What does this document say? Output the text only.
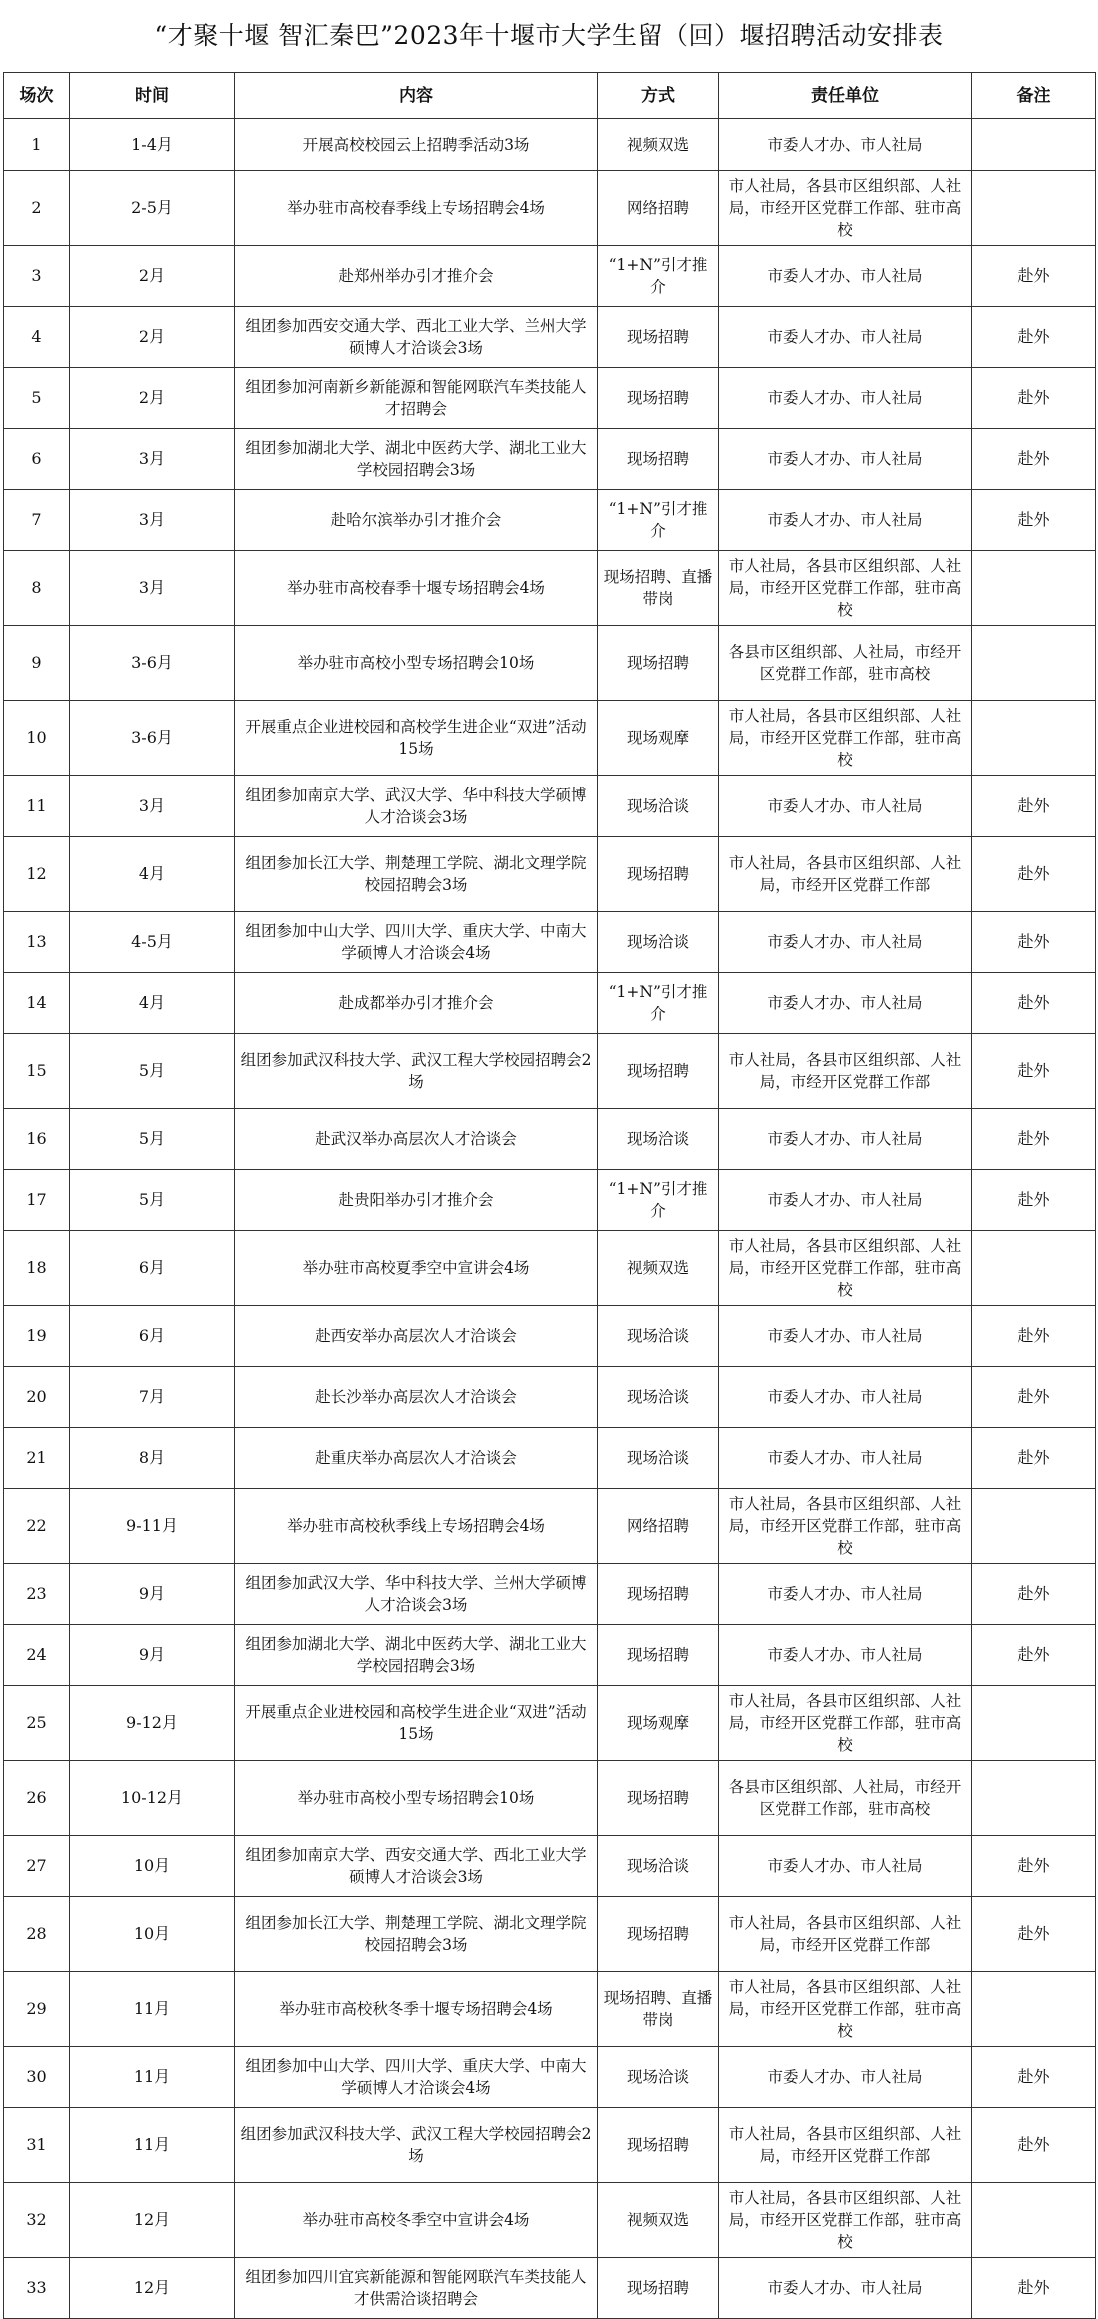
“才聚十堰 智汇秦巴”2023年十堰市大学生留（回）堰招聘活动安排表
场次	时间	内容	方式	责任单位	备注
1	1-4月	开展高校校园云上招聘季活动3场	视频双选	市委人才办、市人社局	
2	2-5月	举办驻市高校春季线上专场招聘会4场	网络招聘	市人社局，各县市区组织部、人社局，市经开区党群工作部、驻市高校	
3	2月	赴郑州举办引才推介会	“1+N”引才推介	市委人才办、市人社局	赴外
4	2月	组团参加西安交通大学、西北工业大学、兰州大学硕博人才洽谈会3场	现场招聘	市委人才办、市人社局	赴外
5	2月	组团参加河南新乡新能源和智能网联汽车类技能人才招聘会	现场招聘	市委人才办、市人社局	赴外
6	3月	组团参加湖北大学、湖北中医药大学、湖北工业大学校园招聘会3场	现场招聘	市委人才办、市人社局	赴外
7	3月	赴哈尔滨举办引才推介会	“1+N”引才推介	市委人才办、市人社局	赴外
8	3月	举办驻市高校春季十堰专场招聘会4场	现场招聘、直播带岗	市人社局，各县市区组织部、人社局，市经开区党群工作部，驻市高校	
9	3-6月	举办驻市高校小型专场招聘会10场	现场招聘	各县市区组织部、人社局，市经开区党群工作部，驻市高校	
10	3-6月	开展重点企业进校园和高校学生进企业“双进”活动15场	现场观摩	市人社局，各县市区组织部、人社局，市经开区党群工作部，驻市高校	
11	3月	组团参加南京大学、武汉大学、华中科技大学硕博人才洽谈会3场	现场洽谈	市委人才办、市人社局	赴外
12	4月	组团参加长江大学、荆楚理工学院、湖北文理学院校园招聘会3场	现场招聘	市人社局，各县市区组织部、人社局，市经开区党群工作部	赴外
13	4-5月	组团参加中山大学、四川大学、重庆大学、中南大学硕博人才洽谈会4场	现场洽谈	市委人才办、市人社局	赴外
14	4月	赴成都举办引才推介会	“1+N”引才推介	市委人才办、市人社局	赴外
15	5月	组团参加武汉科技大学、武汉工程大学校园招聘会2场	现场招聘	市人社局，各县市区组织部、人社局，市经开区党群工作部	赴外
16	5月	赴武汉举办高层次人才洽谈会	现场洽谈	市委人才办、市人社局	赴外
17	5月	赴贵阳举办引才推介会	“1+N”引才推介	市委人才办、市人社局	赴外
18	6月	举办驻市高校夏季空中宣讲会4场	视频双选	市人社局，各县市区组织部、人社局，市经开区党群工作部，驻市高校	
19	6月	赴西安举办高层次人才洽谈会	现场洽谈	市委人才办、市人社局	赴外
20	7月	赴长沙举办高层次人才洽谈会	现场洽谈	市委人才办、市人社局	赴外
21	8月	赴重庆举办高层次人才洽谈会	现场洽谈	市委人才办、市人社局	赴外
22	9-11月	举办驻市高校秋季线上专场招聘会4场	网络招聘	市人社局，各县市区组织部、人社局，市经开区党群工作部，驻市高校	
23	9月	组团参加武汉大学、华中科技大学、兰州大学硕博人才洽谈会3场	现场招聘	市委人才办、市人社局	赴外
24	9月	组团参加湖北大学、湖北中医药大学、湖北工业大学校园招聘会3场	现场招聘	市委人才办、市人社局	赴外
25	9-12月	开展重点企业进校园和高校学生进企业“双进”活动15场	现场观摩	市人社局，各县市区组织部、人社局，市经开区党群工作部，驻市高校	
26	10-12月	举办驻市高校小型专场招聘会10场	现场招聘	各县市区组织部、人社局，市经开区党群工作部，驻市高校	
27	10月	组团参加南京大学、西安交通大学、西北工业大学硕博人才洽谈会3场	现场洽谈	市委人才办、市人社局	赴外
28	10月	组团参加长江大学、荆楚理工学院、湖北文理学院校园招聘会3场	现场招聘	市人社局，各县市区组织部、人社局，市经开区党群工作部	赴外
29	11月	举办驻市高校秋冬季十堰专场招聘会4场	现场招聘、直播带岗	市人社局，各县市区组织部、人社局，市经开区党群工作部，驻市高校	
30	11月	组团参加中山大学、四川大学、重庆大学、中南大学硕博人才洽谈会4场	现场洽谈	市委人才办、市人社局	赴外
31	11月	组团参加武汉科技大学、武汉工程大学校园招聘会2场	现场招聘	市人社局，各县市区组织部、人社局，市经开区党群工作部	赴外
32	12月	举办驻市高校冬季空中宣讲会4场	视频双选	市人社局，各县市区组织部、人社局，市经开区党群工作部，驻市高校	
33	12月	组团参加四川宜宾新能源和智能网联汽车类技能人才供需洽谈招聘会	现场招聘	市委人才办、市人社局	赴外
